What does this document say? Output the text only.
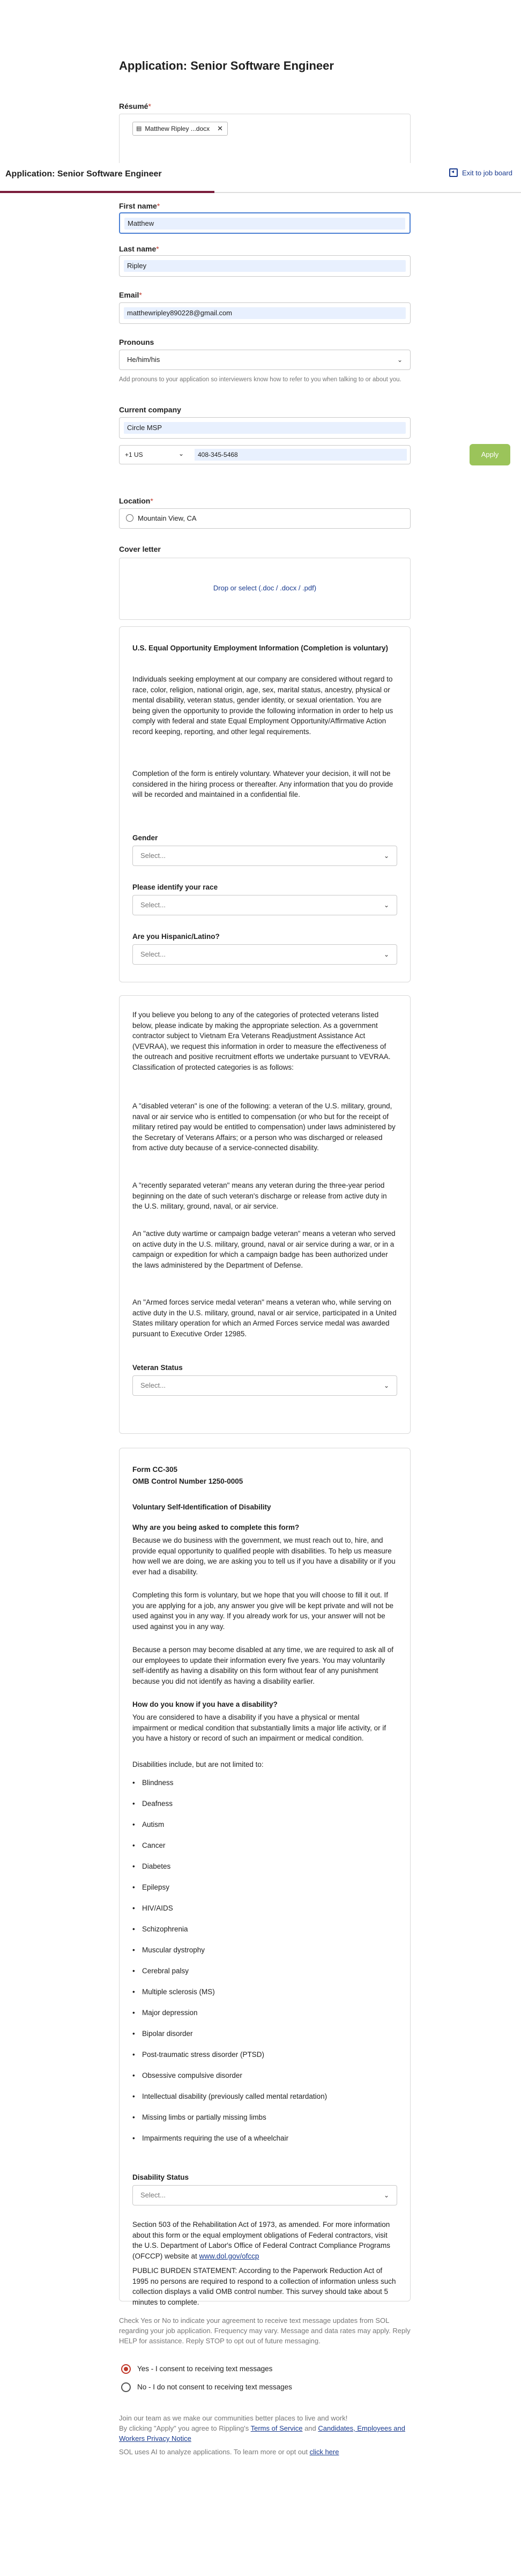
Application: Senior Software Engineer
Résumé*
▤ Matthew Ripley ...docx ✕
Application: Senior Software Engineer	◂ Exit to job board
First name*
Matthew
Last name*
Ripley
Email*
matthewripley890228@gmail.com
Pronouns
He/him/his	⌄
Add pronouns to your application so interviewers know how to refer to you when talking to or about you.
Current company
Circle MSP
+1 US	⌄	408-345-5468	Apply
Location*
Mountain View, CA
Cover letter
Drop or select (.doc / .docx / .pdf)
U.S. Equal Opportunity Employment Information (Completion is voluntary)
Individuals seeking employment at our company are considered without regard to race, color, religion, national origin, age, sex, marital status, ancestry, physical or mental disability, veteran status, gender identity, or sexual orientation. You are being given the opportunity to provide the following information in order to help us comply with federal and state Equal Employment Opportunity/Affirmative Action record keeping, reporting, and other legal requirements.
Completion of the form is entirely voluntary. Whatever your decision, it will not be considered in the hiring process or thereafter. Any information that you do provide will be recorded and maintained in a confidential file.
Gender
Select...	⌄
Please identify your race
Select...	⌄
Are you Hispanic/Latino?
Select...	⌄
If you believe you belong to any of the categories of protected veterans listed below, please indicate by making the appropriate selection. As a government contractor subject to Vietnam Era Veterans Readjustment Assistance Act (VEVRAA), we request this information in order to measure the effectiveness of the outreach and positive recruitment efforts we undertake pursuant to VEVRAA. Classification of protected categories is as follows:
A "disabled veteran" is one of the following: a veteran of the U.S. military, ground, naval or air service who is entitled to compensation (or who but for the receipt of military retired pay would be entitled to compensation) under laws administered by the Secretary of Veterans Affairs; or a person who was discharged or released from active duty because of a service-connected disability.
A "recently separated veteran" means any veteran during the three-year period beginning on the date of such veteran's discharge or release from active duty in the U.S. military, ground, naval, or air service.
An "active duty wartime or campaign badge veteran" means a veteran who served on active duty in the U.S. military, ground, naval or air service during a war, or in a campaign or expedition for which a campaign badge has been authorized under the laws administered by the Department of Defense.
An "Armed forces service medal veteran" means a veteran who, while serving on active duty in the U.S. military, ground, naval or air service, participated in a United States military operation for which an Armed Forces service medal was awarded pursuant to Executive Order 12985.
Veteran Status
Select...	⌄
Form CC-305
OMB Control Number 1250-0005
Voluntary Self-Identification of Disability
Why are you being asked to complete this form?
Because we do business with the government, we must reach out to, hire, and provide equal opportunity to qualified people with disabilities. To help us measure how well we are doing, we are asking you to tell us if you have a disability or if you ever had a disability.
Completing this form is voluntary, but we hope that you will choose to fill it out. If you are applying for a job, any answer you give will be kept private and will not be used against you in any way. If you already work for us, your answer will not be used against you in any way.
Because a person may become disabled at any time, we are required to ask all of our employees to update their information every five years. You may voluntarily self-identify as having a disability on this form without fear of any punishment because you did not identify as having a disability earlier.
How do you know if you have a disability?
You are considered to have a disability if you have a physical or mental impairment or medical condition that substantially limits a major life activity, or if you have a history or record of such an impairment or medical condition.
Disabilities include, but are not limited to:
Blindness
Deafness
Autism
Cancer
Diabetes
Epilepsy
HIV/AIDS
Schizophrenia
Muscular dystrophy
Cerebral palsy
Multiple sclerosis (MS)
Major depression
Bipolar disorder
Post-traumatic stress disorder (PTSD)
Obsessive compulsive disorder
Intellectual disability (previously called mental retardation)
Missing limbs or partially missing limbs
Impairments requiring the use of a wheelchair
Disability Status
Select...	⌄
Section 503 of the Rehabilitation Act of 1973, as amended. For more information about this form or the equal employment obligations of Federal contractors, visit the U.S. Department of Labor's Office of Federal Contract Compliance Programs (OFCCP) website at www.dol.gov/ofccp
PUBLIC BURDEN STATEMENT: According to the Paperwork Reduction Act of 1995 no persons are required to respond to a collection of information unless such collection displays a valid OMB control number. This survey should take about 5 minutes to complete.
Check Yes or No to indicate your agreement to receive text message updates from SOL regarding your job application. Frequency may vary. Message and data rates may apply. Reply HELP for assistance. Reply STOP to opt out of future messaging.
Yes - I consent to receiving text messages
No - I do not consent to receiving text messages
Join our team as we make our communities better places to live and work!
By clicking "Apply" you agree to Rippling's Terms of Service and Candidates, Employees and Workers Privacy Notice
SOL uses AI to analyze applications. To learn more or opt out click here
